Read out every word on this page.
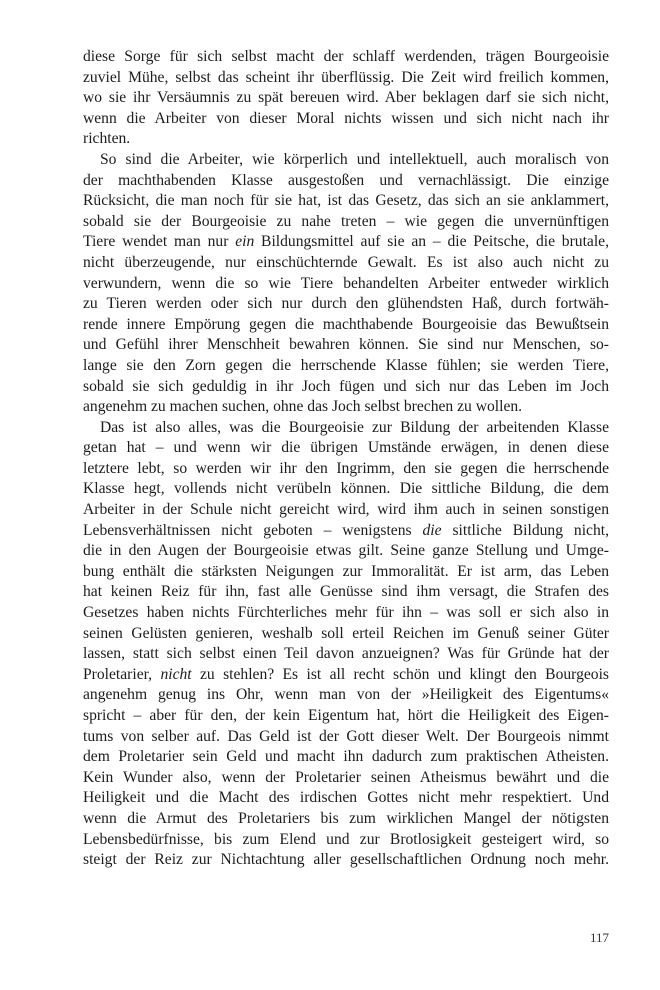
diese Sorge für sich selbst macht der schlaff werdenden, trägen Bourgeoisie
zuviel Mühe, selbst das scheint ihr überflüssig. Die Zeit wird freilich kommen,
wo sie ihr Versäumnis zu spät bereuen wird. Aber beklagen darf sie sich nicht,
wenn die Arbeiter von dieser Moral nichts wissen und sich nicht nach ihr
richten.
So sind die Arbeiter, wie körperlich und intellektuell, auch moralisch von
der machthabenden Klasse ausgestoßen und vernachlässigt. Die einzige
Rücksicht, die man noch für sie hat, ist das Gesetz, das sich an sie anklammert,
sobald sie der Bourgeoisie zu nahe treten – wie gegen die unvernünftigen
Tiere wendet man nur ein Bildungsmittel auf sie an – die Peitsche, die brutale,
nicht überzeugende, nur einschüchternde Gewalt. Es ist also auch nicht zu
verwundern, wenn die so wie Tiere behandelten Arbeiter entweder wirklich
zu Tieren werden oder sich nur durch den glühendsten Haß, durch fortwäh-
rende innere Empörung gegen die machthabende Bourgeoisie das Bewußtsein
und Gefühl ihrer Menschheit bewahren können. Sie sind nur Menschen, so-
lange sie den Zorn gegen die herrschende Klasse fühlen; sie werden Tiere,
sobald sie sich geduldig in ihr Joch fügen und sich nur das Leben im Joch
angenehm zu machen suchen, ohne das Joch selbst brechen zu wollen.
Das ist also alles, was die Bourgeoisie zur Bildung der arbeitenden Klasse
getan hat – und wenn wir die übrigen Umstände erwägen, in denen diese
letztere lebt, so werden wir ihr den Ingrimm, den sie gegen die herrschende
Klasse hegt, vollends nicht verübeln können. Die sittliche Bildung, die dem
Arbeiter in der Schule nicht gereicht wird, wird ihm auch in seinen sonstigen
Lebensverhältnissen nicht geboten – wenigstens die sittliche Bildung nicht,
die in den Augen der Bourgeoisie etwas gilt. Seine ganze Stellung und Umge-
bung enthält die stärksten Neigungen zur Immoralität. Er ist arm, das Leben
hat keinen Reiz für ihn, fast alle Genüsse sind ihm versagt, die Strafen des
Gesetzes haben nichts Fürchterliches mehr für ihn – was soll er sich also in
seinen Gelüsten genieren, weshalb soll erteil Reichen im Genuß seiner Güter
lassen, statt sich selbst einen Teil davon anzueignen? Was für Gründe hat der
Proletarier, nicht zu stehlen? Es ist all recht schön und klingt den Bourgeois
angenehm genug ins Ohr, wenn man von der »Heiligkeit des Eigentums«
spricht – aber für den, der kein Eigentum hat, hört die Heiligkeit des Eigen-
tums von selber auf. Das Geld ist der Gott dieser Welt. Der Bourgeois nimmt
dem Proletarier sein Geld und macht ihn dadurch zum praktischen Atheisten.
Kein Wunder also, wenn der Proletarier seinen Atheismus bewährt und die
Heiligkeit und die Macht des irdischen Gottes nicht mehr respektiert. Und
wenn die Armut des Proletariers bis zum wirklichen Mangel der nötigsten
Lebensbedürfnisse, bis zum Elend und zur Brotlosigkeit gesteigert wird, so
steigt der Reiz zur Nichtachtung aller gesellschaftlichen Ordnung noch mehr.
117
